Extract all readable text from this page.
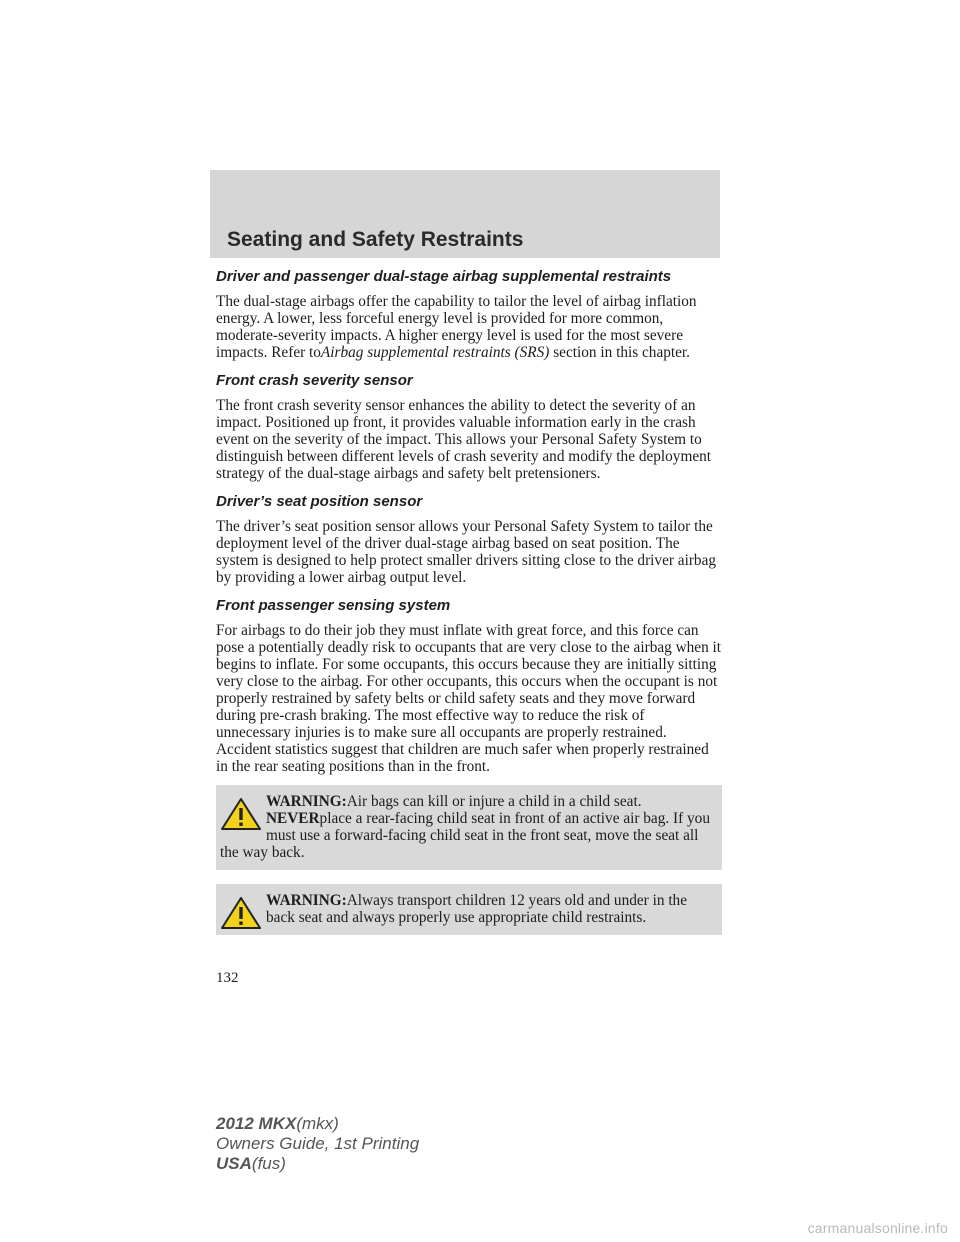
Seating and Safety Restraints
Driver and passenger dual-stage airbag supplemental restraints

The dual-stage airbags offer the capability to tailor the level of airbag inflation energy. A lower, less forceful energy level is provided for more common, moderate-severity impacts. A higher energy level is used for the most severe impacts. Refer toAirbag supplemental restraints (SRS) section in this chapter.

Front crash severity sensor

The front crash severity sensor enhances the ability to detect the severity of an impact. Positioned up front, it provides valuable information early in the crash event on the severity of the impact. This allows your Personal Safety System to distinguish between different levels of crash severity and modify the deployment strategy of the dual-stage airbags and safety belt pretensioners.

Driver’s seat position sensor

The driver’s seat position sensor allows your Personal Safety System to tailor the deployment level of the driver dual-stage airbag based on seat position. The system is designed to help protect smaller drivers sitting close to the driver airbag by providing a lower airbag output level.

Front passenger sensing system

For airbags to do their job they must inflate with great force, and this force can pose a potentially deadly risk to occupants that are very close to the airbag when it begins to inflate. For some occupants, this occurs because they are initially sitting very close to the airbag. For other occupants, this occurs when the occupant is not properly restrained by safety belts or child safety seats and they move forward during pre-crash braking. The most effective way to reduce the risk of unnecessary injuries is to make sure all occupants are properly restrained. Accident statistics suggest that children are much safer when properly restrained in the rear seating positions than in the front.

WARNING:Air bags can kill or injure a child in a child seat.
NEVERplace a rear-facing child seat in front of an active air bag. If you must use a forward-facing child seat in the front seat, move the seat all the way back.
WARNING:Always transport children 12 years old and under in the back seat and always properly use appropriate child restraints.
132
2012 MKX(mkx)
Owners Guide, 1st Printing
USA(fus)
carmanualsonline.info
